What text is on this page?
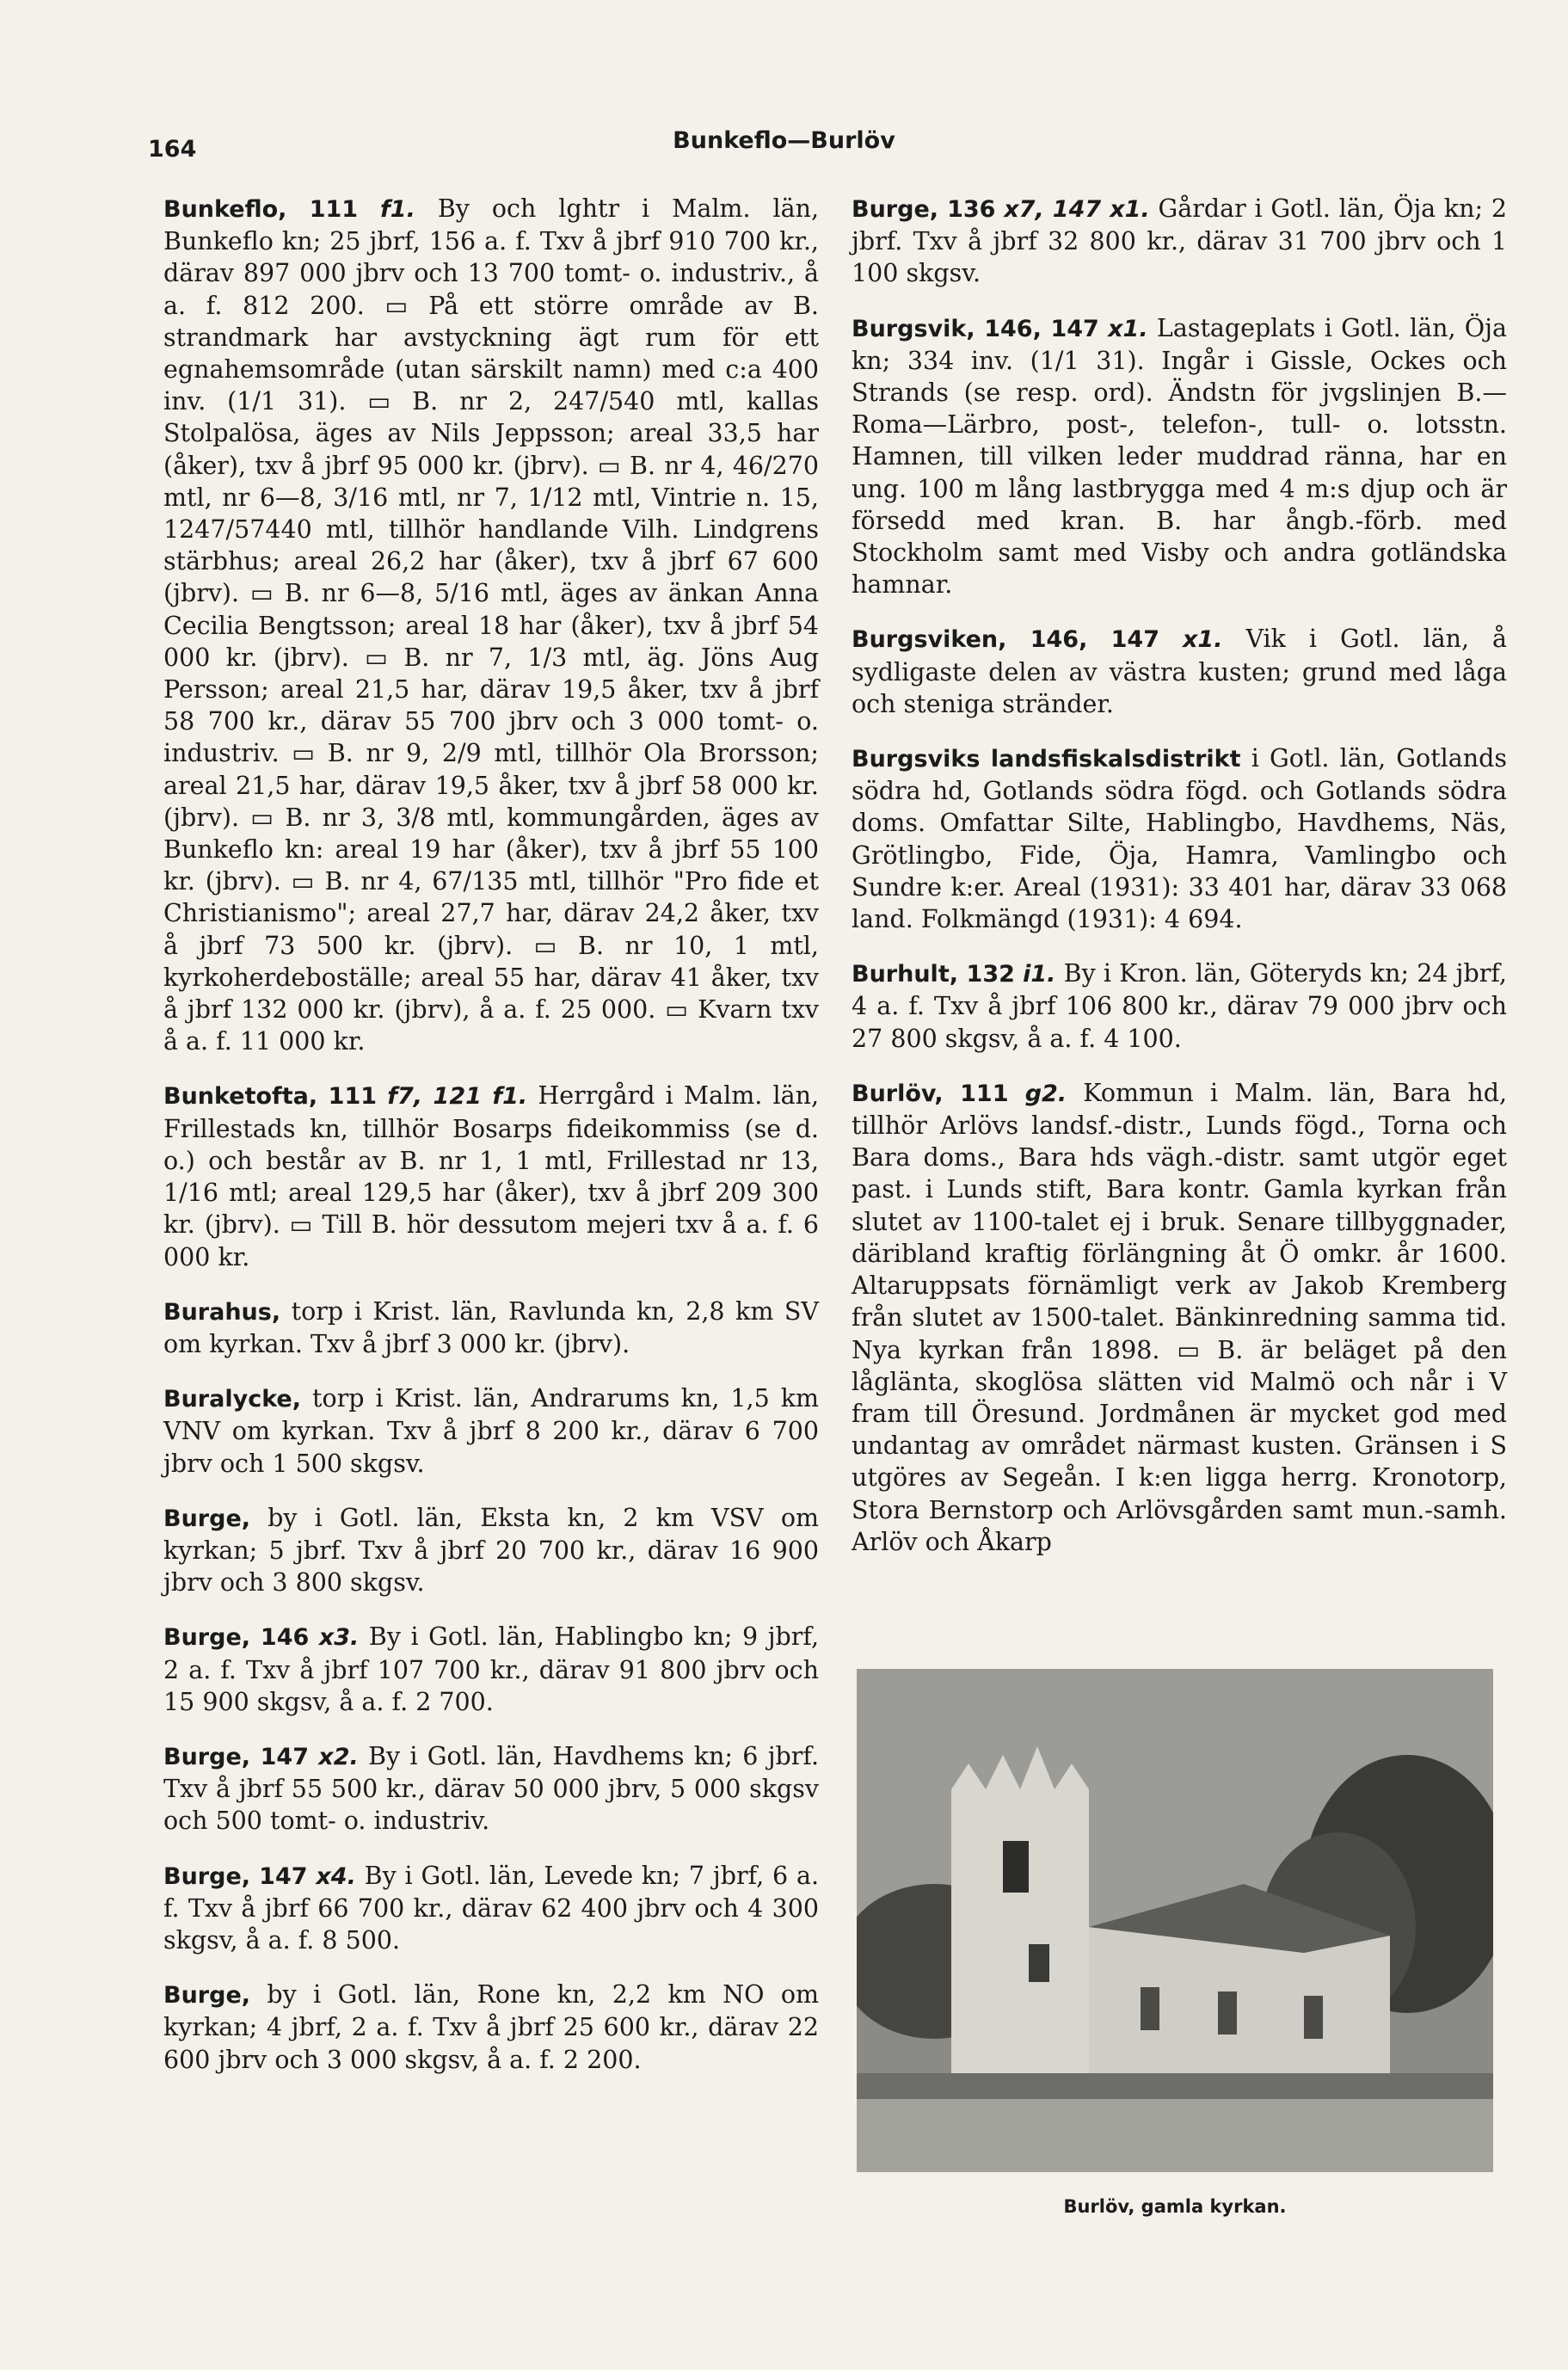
164	Bunkeflo—Burlöv

Bunkeflo, 111 f1. By och lghtr i Malm. län, Bunkeflo kn; 25 jbrf, 156 a. f. Txv å jbrf 910 700 kr., därav 897 000 jbrv och 13 700 tomt- o. industriv., å a. f. 812 200. ▭ På ett större område av B. strandmark har avstyckning ägt rum för ett egnahemsområde (utan särskilt namn) med c:a 400 inv. (1/1 31). ▭ B. nr 2, 247/540 mtl, kallas Stolpalösa, äges av Nils Jeppsson; areal 33,5 har (åker), txv å jbrf 95 000 kr. (jbrv). ▭ B. nr 4, 46/270 mtl, nr 6—8, 3/16 mtl, nr 7, 1/12 mtl, Vintrie n. 15, 1247/57440 mtl, tillhör handlande Vilh. Lindgrens stärbhus; areal 26,2 har (åker), txv å jbrf 67 600 (jbrv). ▭ B. nr 6—8, 5/16 mtl, äges av änkan Anna Cecilia Bengtsson; areal 18 har (åker), txv å jbrf 54 000 kr. (jbrv). ▭ B. nr 7, 1/3 mtl, äg. Jöns Aug Persson; areal 21,5 har, därav 19,5 åker, txv å jbrf 58 700 kr., därav 55 700 jbrv och 3 000 tomt- o. industriv. ▭ B. nr 9, 2/9 mtl, tillhör Ola Brorsson; areal 21,5 har, därav 19,5 åker, txv å jbrf 58 000 kr. (jbrv). ▭ B. nr 3, 3/8 mtl, kommungården, äges av Bunkeflo kn: areal 19 har (åker), txv å jbrf 55 100 kr. (jbrv). ▭ B. nr 4, 67/135 mtl, tillhör "Pro fide et Christianismo"; areal 27,7 har, därav 24,2 åker, txv å jbrf 73 500 kr. (jbrv). ▭ B. nr 10, 1 mtl, kyrkoherdeboställe; areal 55 har, därav 41 åker, txv å jbrf 132 000 kr. (jbrv), å a. f. 25 000. ▭ Kvarn txv å a. f. 11 000 kr.

Bunketofta, 111 f7, 121 f1. Herrgård i Malm. län, Frillestads kn, tillhör Bosarps fideikommiss (se d. o.) och består av B. nr 1, 1 mtl, Frillestad nr 13, 1/16 mtl; areal 129,5 har (åker), txv å jbrf 209 300 kr. (jbrv). ▭ Till B. hör dessutom mejeri txv å a. f. 6 000 kr.

Burahus, torp i Krist. län, Ravlunda kn, 2,8 km SV om kyrkan. Txv å jbrf 3 000 kr. (jbrv).

Buralycke, torp i Krist. län, Andrarums kn, 1,5 km VNV om kyrkan. Txv å jbrf 8 200 kr., därav 6 700 jbrv och 1 500 skgsv.

Burge, by i Gotl. län, Eksta kn, 2 km VSV om kyrkan; 5 jbrf. Txv å jbrf 20 700 kr., därav 16 900 jbrv och 3 800 skgsv.

Burge, 146 x3. By i Gotl. län, Hablingbo kn; 9 jbrf, 2 a. f. Txv å jbrf 107 700 kr., därav 91 800 jbrv och 15 900 skgsv, å a. f. 2 700.

Burge, 147 x2. By i Gotl. län, Havdhems kn; 6 jbrf. Txv å jbrf 55 500 kr., därav 50 000 jbrv, 5 000 skgsv och 500 tomt- o. industriv.

Burge, 147 x4. By i Gotl. län, Levede kn; 7 jbrf, 6 a. f. Txv å jbrf 66 700 kr., därav 62 400 jbrv och 4 300 skgsv, å a. f. 8 500.

Burge, by i Gotl. län, Rone kn, 2,2 km NO om kyrkan; 4 jbrf, 2 a. f. Txv å jbrf 25 600 kr., därav 22 600 jbrv och 3 000 skgsv, å a. f. 2 200.

Burge, 136 x7, 147 x1. Gårdar i Gotl. län, Öja kn; 2 jbrf. Txv å jbrf 32 800 kr., därav 31 700 jbrv och 1 100 skgsv.

Burgsvik, 146, 147 x1. Lastageplats i Gotl. län, Öja kn; 334 inv. (1/1 31). Ingår i Gissle, Ockes och Strands (se resp. ord). Ändstn för jvgslinjen B.—Roma—Lärbro, post-, telefon-, tull- o. lotsstn. Hamnen, till vilken leder muddrad ränna, har en ung. 100 m lång lastbrygga med 4 m:s djup och är försedd med kran. B. har ångb.-förb. med Stockholm samt med Visby och andra gotländska hamnar.

Burgsviken, 146, 147 x1. Vik i Gotl. län, å sydligaste delen av västra kusten; grund med låga och steniga stränder.

Burgsviks landsfiskalsdistrikt i Gotl. län, Gotlands södra hd, Gotlands södra fögd. och Gotlands södra doms. Omfattar Silte, Hablingbo, Havdhems, Näs, Grötlingbo, Fide, Öja, Hamra, Vamlingbo och Sundre k:er. Areal (1931): 33 401 har, därav 33 068 land. Folkmängd (1931): 4 694.

Burhult, 132 i1. By i Kron. län, Göteryds kn; 24 jbrf, 4 a. f. Txv å jbrf 106 800 kr., därav 79 000 jbrv och 27 800 skgsv, å a. f. 4 100.

Burlöv, 111 g2. Kommun i Malm. län, Bara hd, tillhör Arlövs landsf.-distr., Lunds fögd., Torna och Bara doms., Bara hds vägh.-distr. samt utgör eget past. i Lunds stift, Bara kontr. Gamla kyrkan från slutet av 1100-talet ej i bruk. Senare tillbyggnader, däribland kraftig förlängning åt Ö omkr. år 1600. Altaruppsats förnämligt verk av Jakob Kremberg från slutet av 1500-talet. Bänkinredning samma tid. Nya kyrkan från 1898. ▭ B. är beläget på den låglänta, skoglösa slätten vid Malmö och når i V fram till Öresund. Jordmånen är mycket god med undantag av området närmast kusten. Gränsen i S utgöres av Segeån. I k:en ligga herrg. Kronotorp, Stora Bernstorp och Arlövsgården samt mun.-samh. Arlöv och Åkarp

Burlöv, gamla kyrkan.
